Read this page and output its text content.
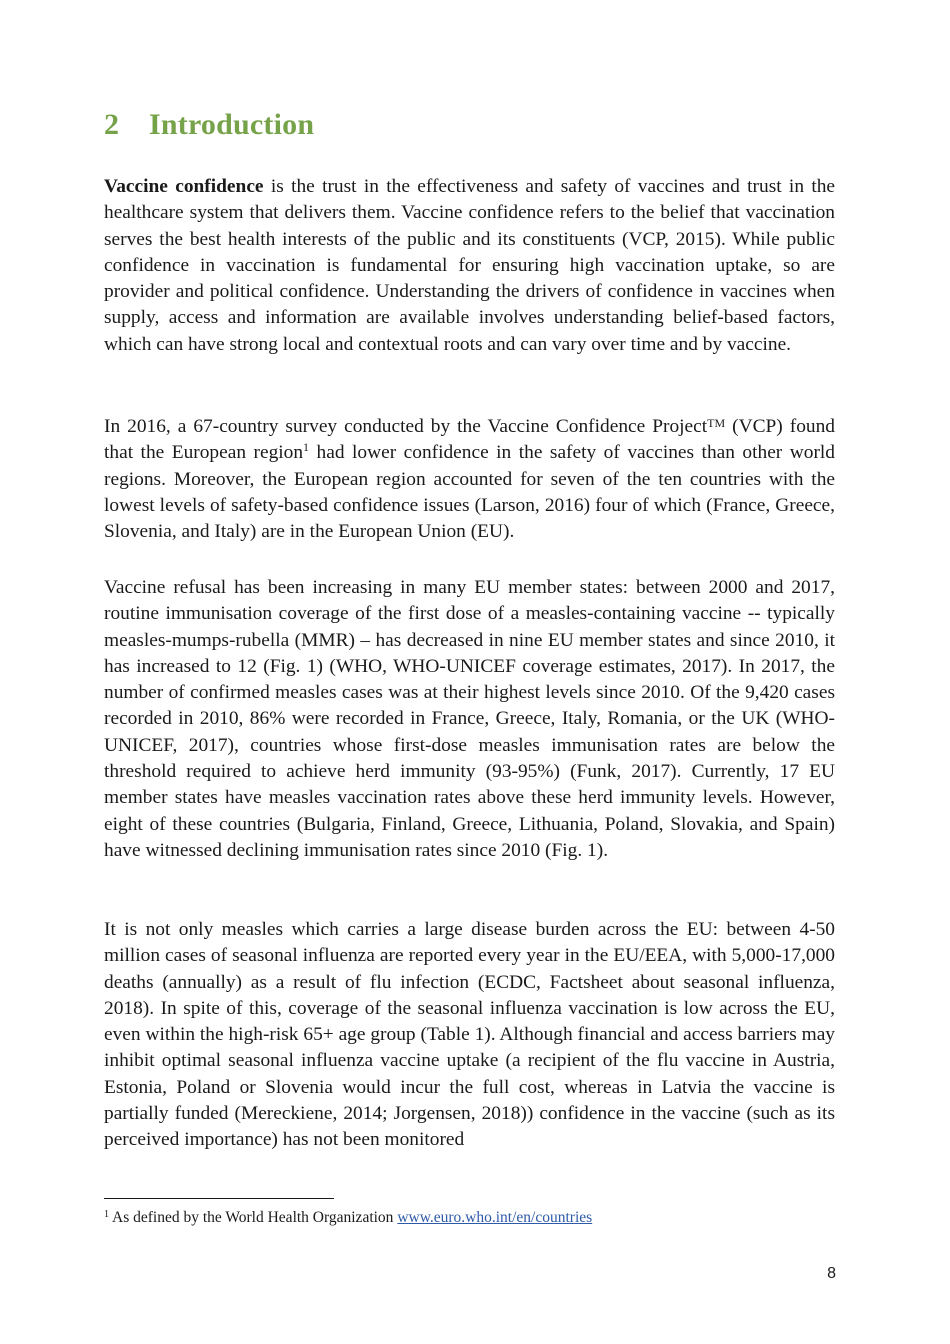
2 Introduction

Vaccine confidence is the trust in the effectiveness and safety of vaccines and trust in the healthcare system that delivers them. Vaccine confidence refers to the belief that vaccination serves the best health interests of the public and its constituents (VCP, 2015). While public confidence in vaccination is fundamental for ensuring high vaccination uptake, so are provider and political confidence. Understanding the drivers of confidence in vaccines when supply, access and information are available involves understanding belief-based factors, which can have strong local and contextual roots and can vary over time and by vaccine.

In 2016, a 67-country survey conducted by the Vaccine Confidence Project™ (VCP) found that the European region$^1$ had lower confidence in the safety of vaccines than other world regions. Moreover, the European region accounted for seven of the ten countries with the lowest levels of safety-based confidence issues (Larson, 2016) four of which (France, Greece, Slovenia, and Italy) are in the European Union (EU).

Vaccine refusal has been increasing in many EU member states: between 2000 and 2017, routine immunisation coverage of the first dose of a measles-containing vaccine -- typically measles-mumps-rubella (MMR) – has decreased in nine EU member states and since 2010, it has increased to 12 (Fig. 1) (WHO, WHO-UNICEF coverage estimates, 2017). In 2017, the number of confirmed measles cases was at their highest levels since 2010. Of the 9,420 cases recorded in 2010, 86% were recorded in France, Greece, Italy, Romania, or the UK (WHO-UNICEF, 2017), countries whose first-dose measles immunisation rates are below the threshold required to achieve herd immunity (93-95%) (Funk, 2017). Currently, 17 EU member states have measles vaccination rates above these herd immunity levels. However, eight of these countries (Bulgaria, Finland, Greece, Lithuania, Poland, Slovakia, and Spain) have witnessed declining immunisation rates since 2010 (Fig. 1).

It is not only measles which carries a large disease burden across the EU: between 4-50 million cases of seasonal influenza are reported every year in the EU/EEA, with 5,000-17,000 deaths (annually) as a result of flu infection (ECDC, Factsheet about seasonal influenza, 2018). In spite of this, coverage of the seasonal influenza vaccination is low across the EU, even within the high-risk 65+ age group (Table 1). Although financial and access barriers may inhibit optimal seasonal influenza vaccine uptake (a recipient of the flu vaccine in Austria, Estonia, Poland or Slovenia would incur the full cost, whereas in Latvia the vaccine is partially funded (Mereckiene, 2014; Jorgensen, 2018)) confidence in the vaccine (such as its perceived importance) has not been monitored

$^1$ As defined by the World Health Organization www.euro.who.int/en/countries

8
